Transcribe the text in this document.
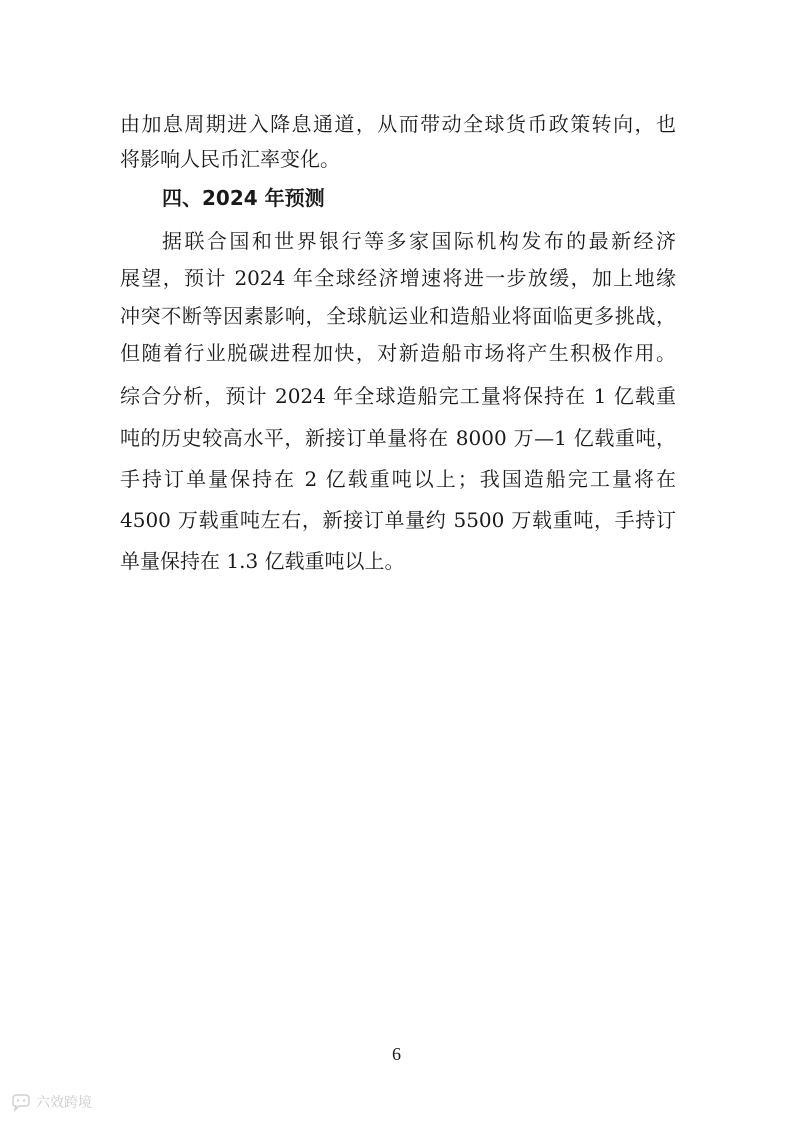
由加息周期进入降息通道，从而带动全球货币政策转向，也
将影响人民币汇率变化。
四、2024 年预测
据联合国和世界银行等多家国际机构发布的最新经济
展望，预计 2024 年全球经济增速将进一步放缓，加上地缘
冲突不断等因素影响，全球航运业和造船业将面临更多挑战，
但随着行业脱碳进程加快，对新造船市场将产生积极作用。
综合分析，预计 2024 年全球造船完工量将保持在 1 亿载重
吨的历史较高水平，新接订单量将在 8000 万—1 亿载重吨，
手持订单量保持在 2 亿载重吨以上；我国造船完工量将在
4500 万载重吨左右，新接订单量约 5500 万载重吨，手持订
单量保持在 1.3 亿载重吨以上。
6
六效跨境
